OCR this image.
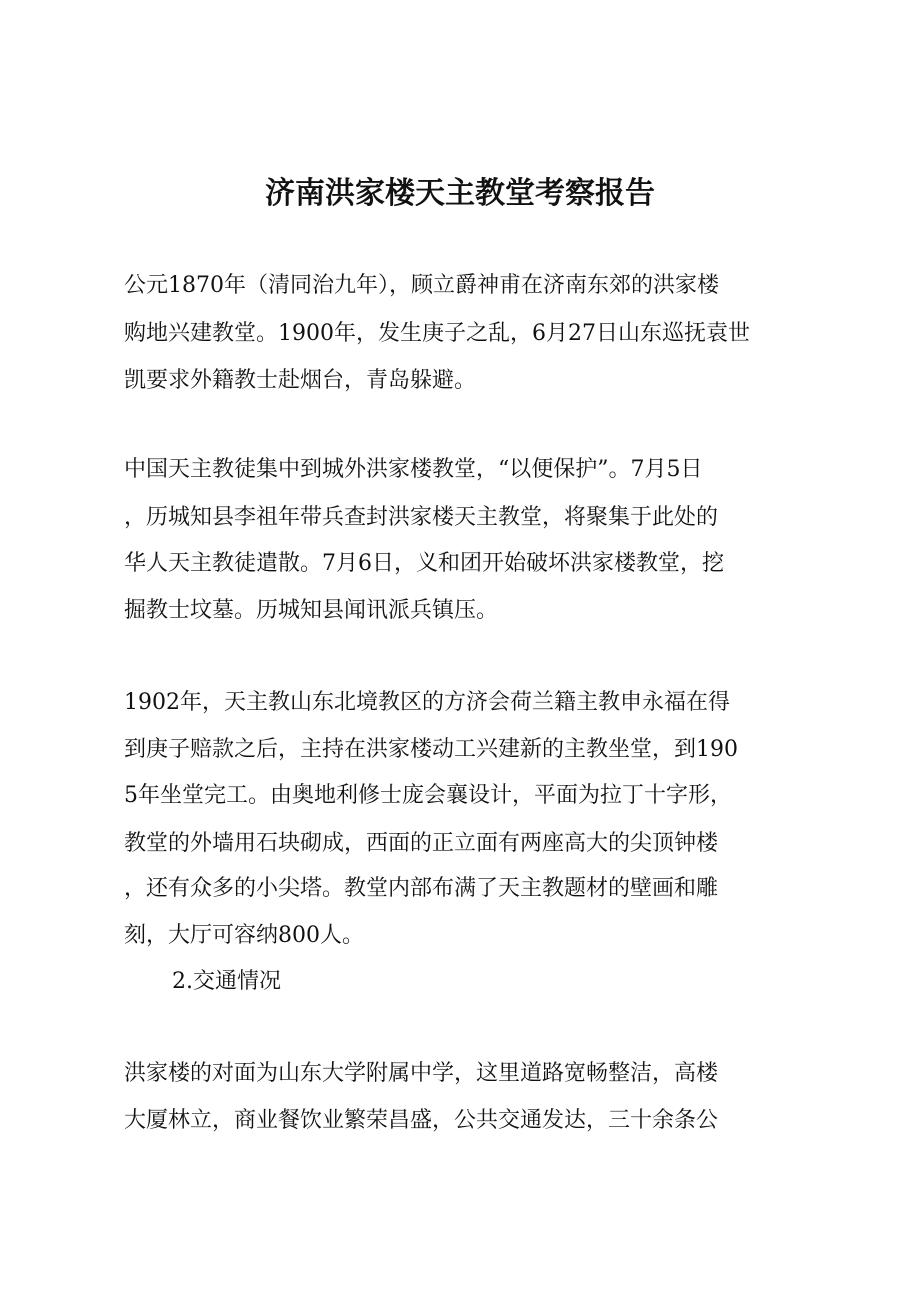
济南洪家楼天主教堂考察报告

公元1870年（清同治九年），顾立爵神甫在济南东郊的洪家楼

购地兴建教堂。1900年，发生庚子之乱，6月27日山东巡抚袁世

凯要求外籍教士赴烟台，青岛躲避。

中国天主教徒集中到城外洪家楼教堂，“以便保护”。7月5日

，历城知县李祖年带兵查封洪家楼天主教堂，将聚集于此处的

华人天主教徒遣散。7月6日，义和团开始破坏洪家楼教堂，挖

掘教士坟墓。历城知县闻讯派兵镇压。

1902年，天主教山东北境教区的方济会荷兰籍主教申永福在得

到庚子赔款之后，主持在洪家楼动工兴建新的主教坐堂，到190

5年坐堂完工。由奥地利修士庞会襄设计，平面为拉丁十字形，

教堂的外墙用石块砌成，西面的正立面有两座高大的尖顶钟楼

，还有众多的小尖塔。教堂内部布满了天主教题材的壁画和雕

刻，大厅可容纳800人。

2.交通情况

洪家楼的对面为山东大学附属中学，这里道路宽畅整洁，高楼

大厦林立，商业餐饮业繁荣昌盛，公共交通发达，三十余条公
